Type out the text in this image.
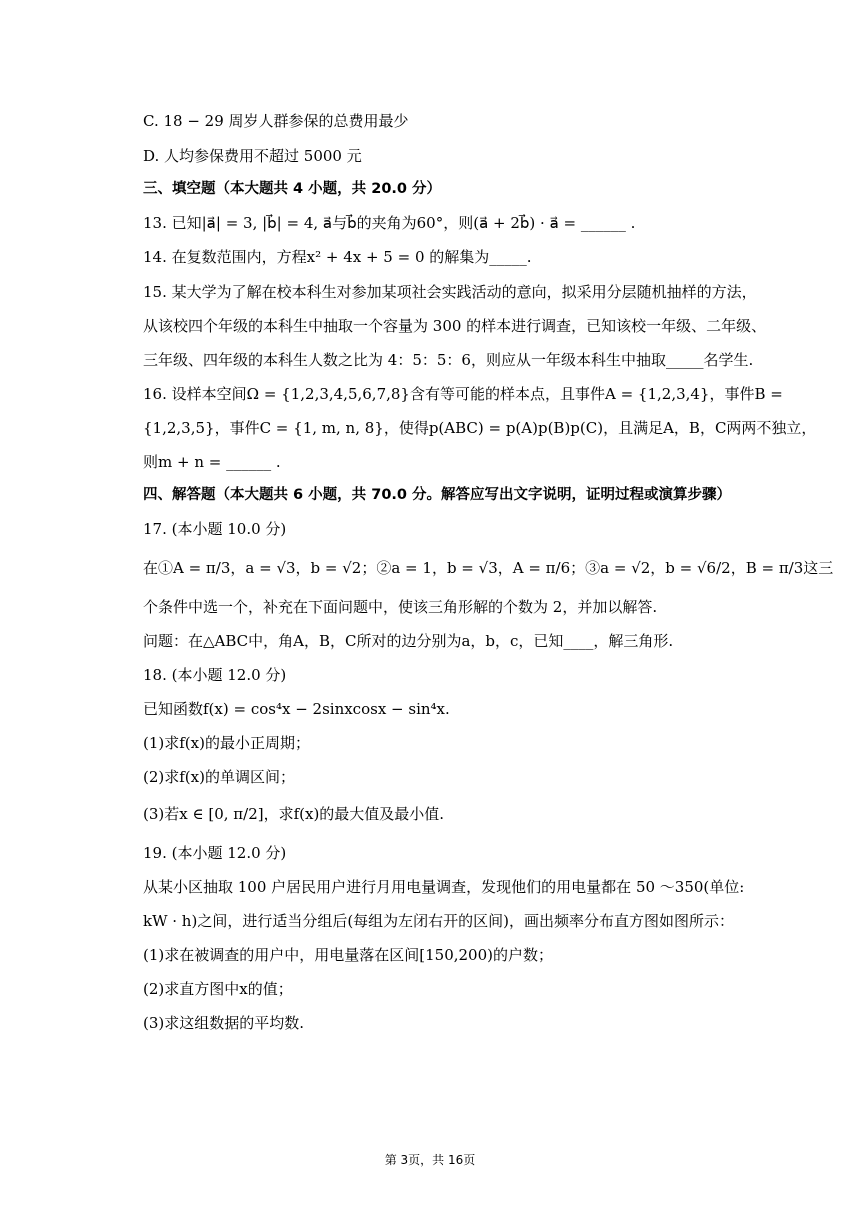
C. 18 − 29 周岁人群参保的总费用最少
D. 人均参保费用不超过 5000 元
三、填空题（本大题共 4 小题，共 20.0 分）
13. 已知|a⃗| = 3, |b⃗| = 4, a⃗与b⃗的夹角为60°，则(a⃗ + 2b⃗) · a⃗ = ______ .
14. 在复数范围内，方程x² + 4x + 5 = 0 的解集为_____.
15. 某大学为了解在校本科生对参加某项社会实践活动的意向，拟采用分层随机抽样的方法，
从该校四个年级的本科生中抽取一个容量为 300 的样本进行调查，已知该校一年级、二年级、
三年级、四年级的本科生人数之比为 4：5：5：6，则应从一年级本科生中抽取_____名学生.
16. 设样本空间Ω = {1,2,3,4,5,6,7,8}含有等可能的样本点，且事件A = {1,2,3,4}，事件B =
{1,2,3,5}，事件C = {1, m, n, 8}，使得p(ABC) = p(A)p(B)p(C)，且满足A，B，C两两不独立，
则m + n = ______ .
四、解答题（本大题共 6 小题，共 70.0 分。解答应写出文字说明，证明过程或演算步骤）
17. (本小题 10.0 分)
在①A = π/3，a = √3，b = √2；②a = 1，b = √3，A = π/6；③a = √2，b = √6/2，B = π/3这三
个条件中选一个，补充在下面问题中，使该三角形解的个数为 2，并加以解答.
问题：在△ABC中，角A，B，C所对的边分别为a，b，c，已知____，解三角形.
18. (本小题 12.0 分)
已知函数f(x) = cos⁴x − 2sinxcosx − sin⁴x.
(1)求f(x)的最小正周期；
(2)求f(x)的单调区间；
(3)若x ∈ [0, π/2]，求f(x)的最大值及最小值.
19. (本小题 12.0 分)
从某小区抽取 100 户居民用户进行月用电量调查，发现他们的用电量都在 50 ～350(单位:
kW · h)之间，进行适当分组后(每组为左闭右开的区间)，画出频率分布直方图如图所示：
(1)求在被调查的用户中，用电量落在区间[150,200)的户数；
(2)求直方图中x的值；
(3)求这组数据的平均数.
第 3页，共 16页
